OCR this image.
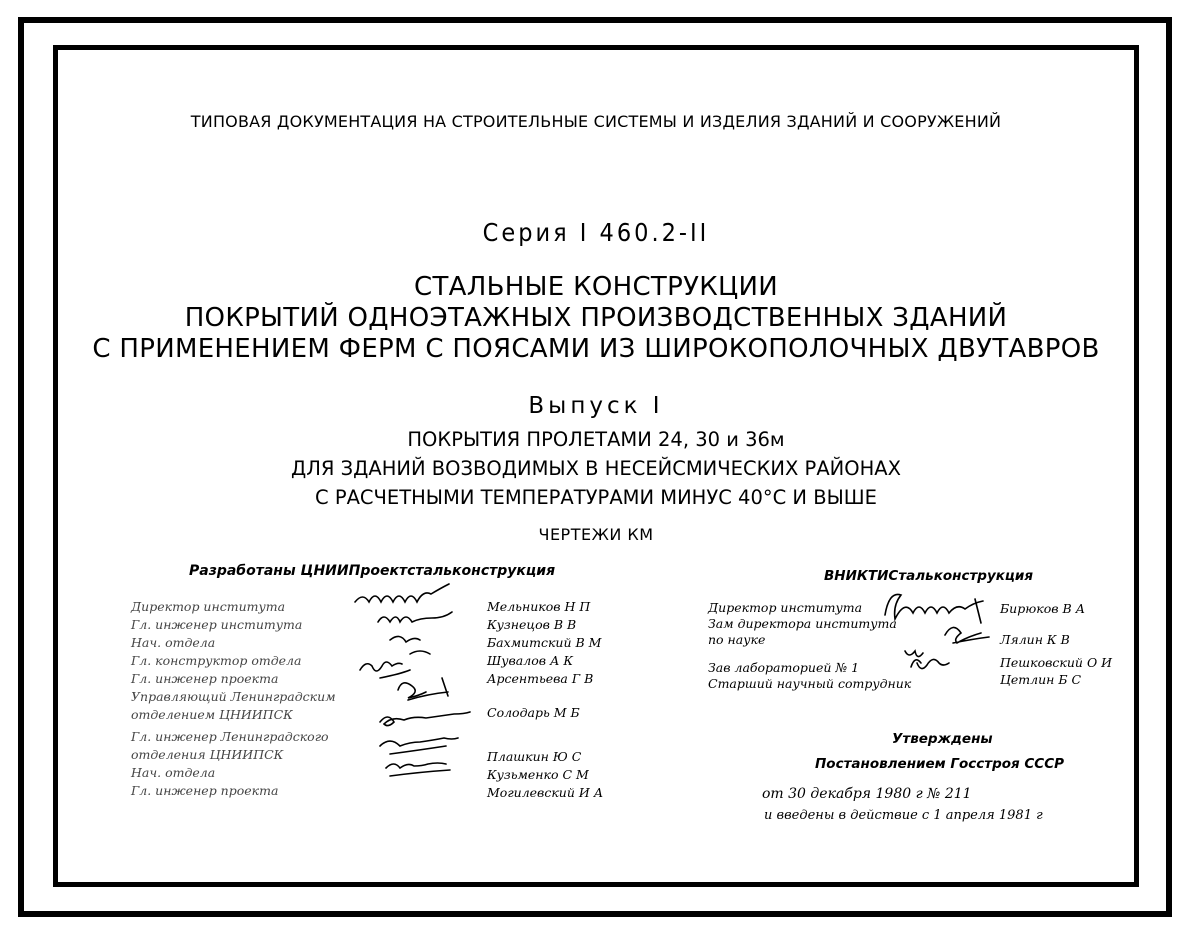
ТИПОВАЯ ДОКУМЕНТАЦИЯ НА СТРОИТЕЛЬНЫЕ СИСТЕМЫ И ИЗДЕЛИЯ ЗДАНИЙ И СООРУЖЕНИЙ
Серия I 460.2-II
СТАЛЬНЫЕ КОНСТРУКЦИИ
ПОКРЫТИЙ ОДНОЭТАЖНЫХ ПРОИЗВОДСТВЕННЫХ ЗДАНИЙ
С ПРИМЕНЕНИЕМ ФЕРМ С ПОЯСАМИ ИЗ ШИРОКОПОЛОЧНЫХ ДВУТАВРОВ
Выпуск I
ПОКРЫТИЯ ПРОЛЕТАМИ 24, 30 и 36м
ДЛЯ ЗДАНИЙ ВОЗВОДИМЫХ В НЕСЕЙСМИЧЕСКИХ РАЙОНАХ
С РАСЧЕТНЫМИ ТЕМПЕРАТУРАМИ МИНУС 40°С И ВЫШЕ
ЧЕРТЕЖИ КМ
Разработаны ЦНИИПроектстальконструкция
Директор института
Гл. инженер института
Нач. отдела
Гл. конструктор отдела
Гл. инженер проекта
Управляющий Ленинградским
отделением ЦНИИПСК
Гл. инженер Ленинградского
отделения ЦНИИПСК
Нач. отдела
Гл. инженер проекта
Мельников Н П
Кузнецов В В
Бахмитский В М
Шувалов А К
Арсентьева Г В
Солодарь М Б
Плашкин Ю С
Кузьменко С М
Могилевский И А
ВНИКТИСтальконструкция
Директор института
Зам директора института
по науке
Зав лабораторией № 1
Старший научный сотрудник
Бирюков В А
Лялин К В
Пешковский О И
Цетлин Б С
Утверждены
Постановлением Госстроя СССР
от 30 декабря 1980 г № 211
и введены в действие с 1 апреля 1981 г
